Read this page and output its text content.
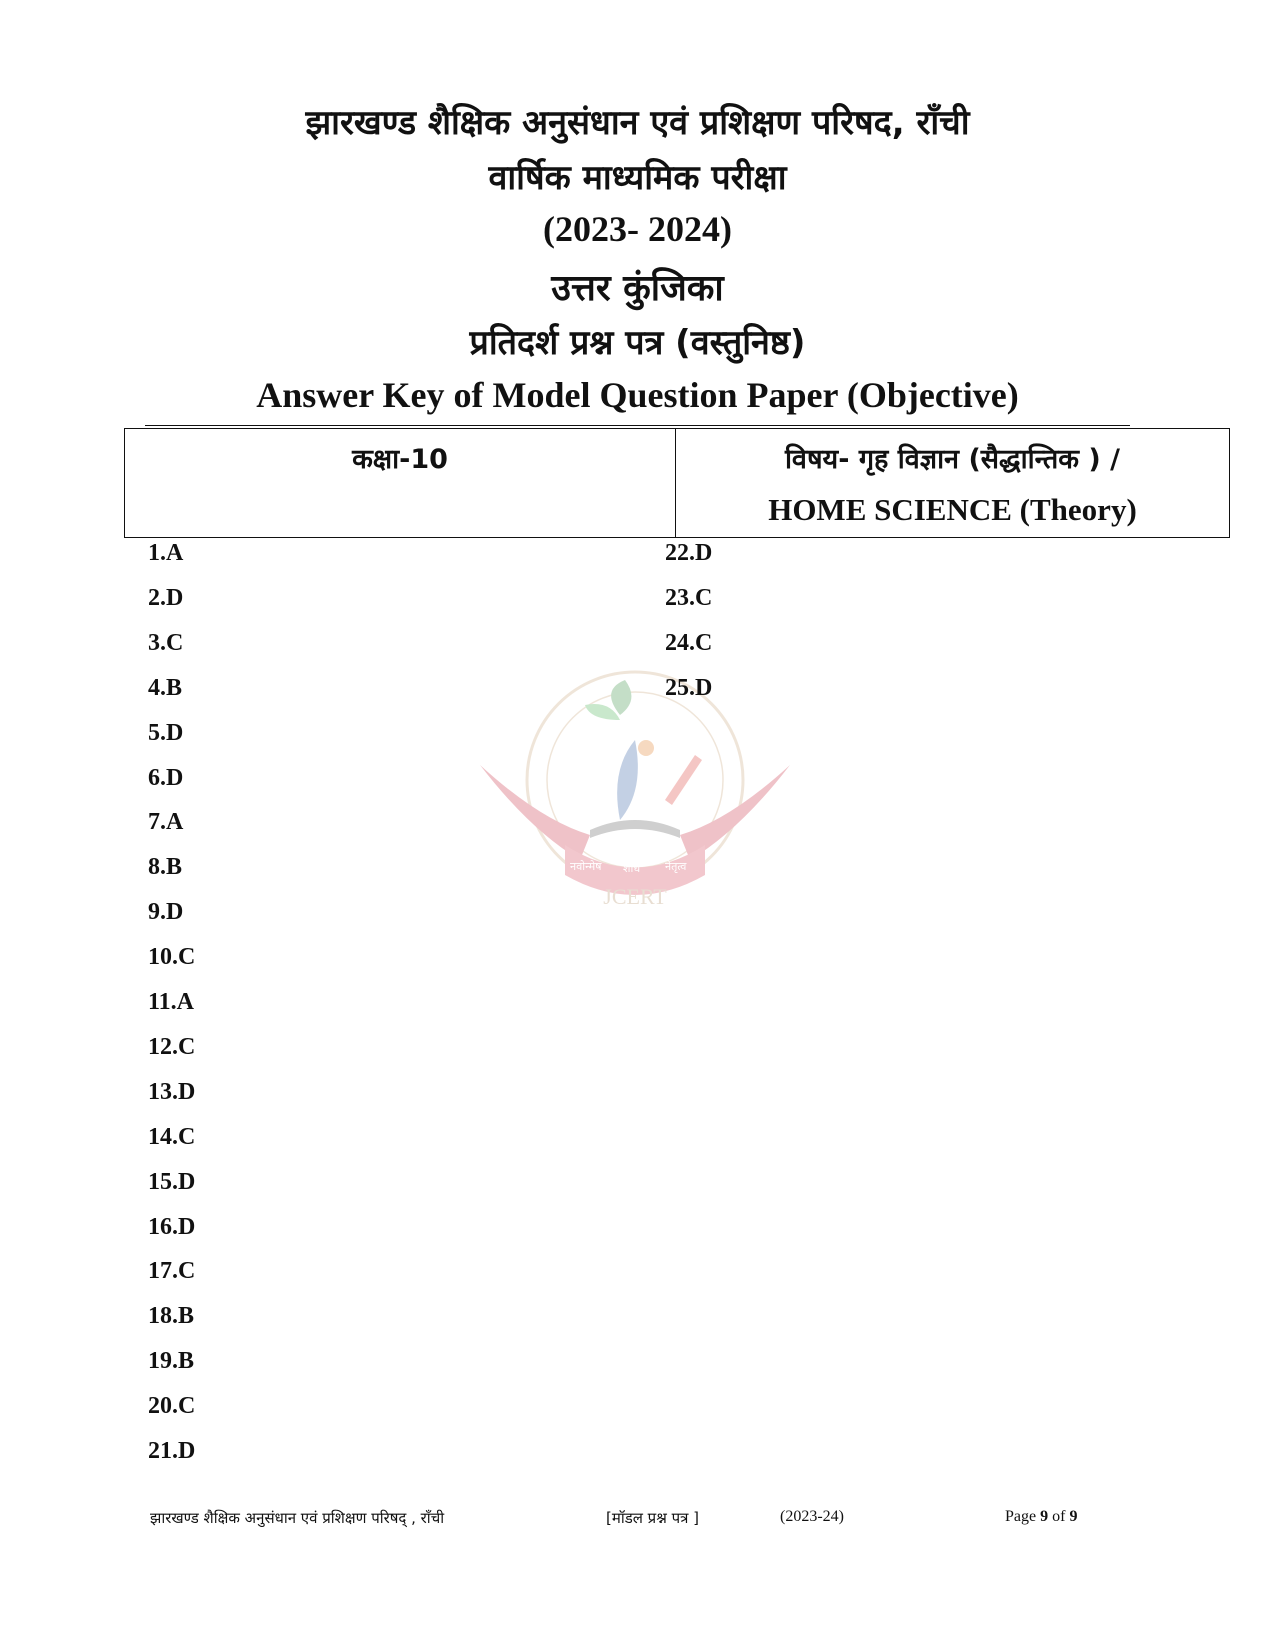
झारखण्ड शैक्षिक अनुसंधान एवं प्रशिक्षण परिषद, राँची
वार्षिक माध्यमिक परीक्षा
(2023- 2024)
उत्तर कुंजिका
प्रतिदर्श प्रश्न पत्र (वस्तुनिष्ठ)
Answer Key of Model Question Paper (Objective)
कक्षा-10	विषय- गृह विज्ञान (सैद्धान्तिक ) /
HOME SCIENCE (Theory)
नवोन्मेष शोध नेतृत्व
JCERT
1.A
2.D
3.C
4.B
5.D
6.D
7.A
8.B
9.D
10.C
11.A
12.C
13.D
14.C
15.D
16.D
17.C
18.B
19.B
20.C
21.D
22.D
23.C
24.C
25.D
झारखण्ड शैक्षिक अनुसंधान एवं प्रशिक्षण परिषद् , राँची	[मॉडल प्रश्न पत्र ]	(2023-24)	Page 9 of 9
